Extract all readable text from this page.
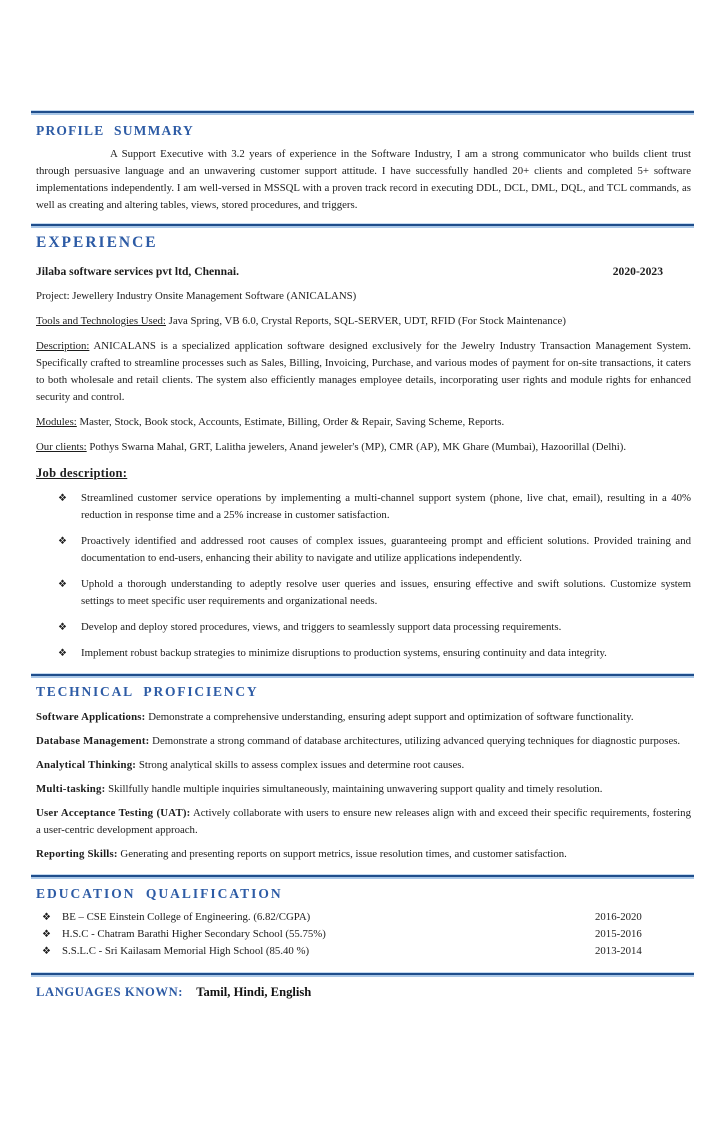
PROFILE SUMMARY

A Support Executive with 3.2 years of experience in the Software Industry, I am a strong communicator who builds client trust through persuasive language and an unwavering customer support attitude. I have successfully handled 20+ clients and completed 5+ software implementations independently. I am well-versed in MSSQL with a proven track record in executing DDL, DCL, DML, DQL, and TCL commands, as well as creating and altering tables, views, stored procedures, and triggers.

EXPERIENCE
Jilaba software services pvt ltd, Chennai.	2020-2023

Project: Jewellery Industry Onsite Management Software (ANICALANS)

Tools and Technologies Used: Java Spring, VB 6.0, Crystal Reports, SQL-SERVER, UDT, RFID (For Stock Maintenance)

Description: ANICALANS is a specialized application software designed exclusively for the Jewelry Industry Transaction Management System. Specifically crafted to streamline processes such as Sales, Billing, Invoicing, Purchase, and various modes of payment for on-site transactions, it caters to both wholesale and retail clients. The system also efficiently manages employee details, incorporating user rights and module rights for enhanced security and control.

Modules: Master, Stock, Book stock, Accounts, Estimate, Billing, Order & Repair, Saving Scheme, Reports.

Our clients: Pothys Swarna Mahal, GRT, Lalitha jewelers, Anand jeweler's (MP), CMR (AP), MK Ghare (Mumbai), Hazoorillal (Delhi).

Job description:
❖	Streamlined customer service operations by implementing a multi-channel support system (phone, live chat, email), resulting in a 40% reduction in response time and a 25% increase in customer satisfaction.
❖	Proactively identified and addressed root causes of complex issues, guaranteeing prompt and efficient solutions. Provided training and documentation to end-users, enhancing their ability to navigate and utilize applications independently.
❖	Uphold a thorough understanding to adeptly resolve user queries and issues, ensuring effective and swift solutions. Customize system settings to meet specific user requirements and organizational needs.
❖	Develop and deploy stored procedures, views, and triggers to seamlessly support data processing requirements.
❖	Implement robust backup strategies to minimize disruptions to production systems, ensuring continuity and data integrity.
TECHNICAL PROFICIENCY

Software Applications: Demonstrate a comprehensive understanding, ensuring adept support and optimization of software functionality.

Database Management: Demonstrate a strong command of database architectures, utilizing advanced querying techniques for diagnostic purposes.

Analytical Thinking: Strong analytical skills to assess complex issues and determine root causes.

Multi-tasking: Skillfully handle multiple inquiries simultaneously, maintaining unwavering support quality and timely resolution.

User Acceptance Testing (UAT): Actively collaborate with users to ensure new releases align with and exceed their specific requirements, fostering a user-centric development approach.

Reporting Skills: Generating and presenting reports on support metrics, issue resolution times, and customer satisfaction.

EDUCATION QUALIFICATION
❖	BE – CSE Einstein College of Engineering. (6.82/CGPA)	2016-2020
❖	H.S.C - Chatram Barathi Higher Secondary School (55.75%)	2015-2016
❖	S.S.L.C - Sri Kailasam Memorial High School (85.40 %)	2013-2014
LANGUAGES KNOWN: Tamil, Hindi, English
